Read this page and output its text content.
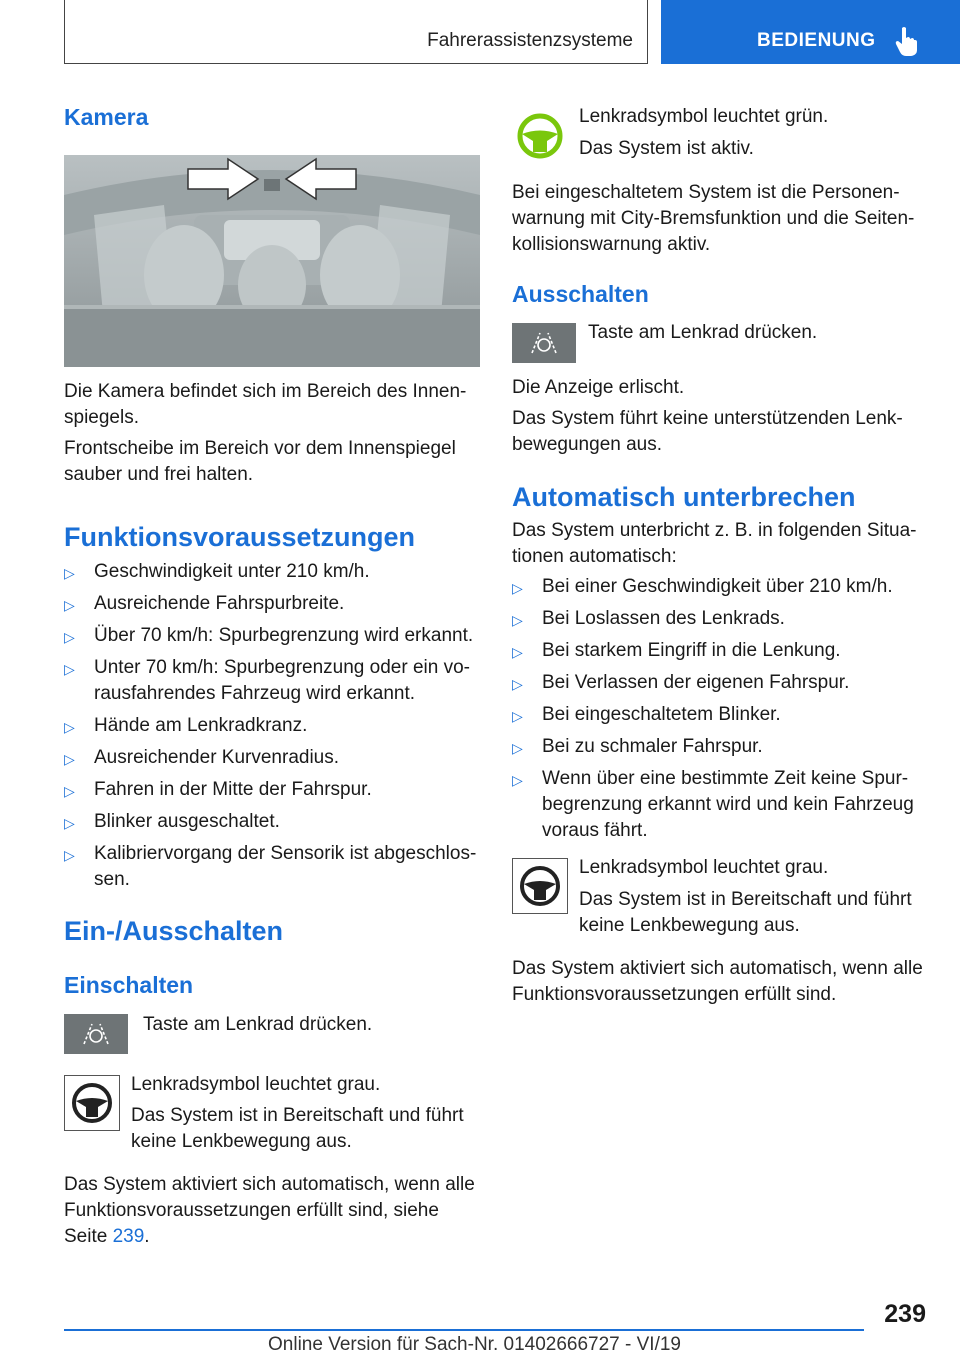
Fahrerassistenzsysteme	BEDIENUNG
Kamera
Die Kamera befindet sich im Bereich des Innen-
spiegels.
Frontscheibe im Bereich vor dem Innenspiegel
sauber und frei halten.
Funktionsvoraussetzungen
▷ Geschwindigkeit unter 210 km/h.
▷ Ausreichende Fahrspurbreite.
▷ Über 70 km/h: Spurbegrenzung wird erkannt.
▷ Unter 70 km/h: Spurbegrenzung oder ein vo-
rausfahrendes Fahrzeug wird erkannt.
▷ Hände am Lenkradkranz.
▷ Ausreichender Kurvenradius.
▷ Fahren in der Mitte der Fahrspur.
▷ Blinker ausgeschaltet.
▷ Kalibriervorgang der Sensorik ist abgeschlos-
sen.
Ein-/Ausschalten
Einschalten
Taste am Lenkrad drücken.
Lenkradsymbol leuchtet grau.
Das System ist in Bereitschaft und führt
keine Lenkbewegung aus.
Das System aktiviert sich automatisch, wenn alle
Funktionsvoraussetzungen erfüllt sind, siehe
Seite 239.
Lenkradsymbol leuchtet grün.
Das System ist aktiv.
Bei eingeschaltetem System ist die Personen-
warnung mit City-Bremsfunktion und die Seiten-
kollisionswarnung aktiv.
Ausschalten
Taste am Lenkrad drücken.
Die Anzeige erlischt.
Das System führt keine unterstützenden Lenk-
bewegungen aus.
Automatisch unterbrechen
Das System unterbricht z. B. in folgenden Situa-
tionen automatisch:
▷ Bei einer Geschwindigkeit über 210 km/h.
▷ Bei Loslassen des Lenkrads.
▷ Bei starkem Eingriff in die Lenkung.
▷ Bei Verlassen der eigenen Fahrspur.
▷ Bei eingeschaltetem Blinker.
▷ Bei zu schmaler Fahrspur.
▷ Wenn über eine bestimmte Zeit keine Spur-
begrenzung erkannt wird und kein Fahrzeug
voraus fährt.
Lenkradsymbol leuchtet grau.
Das System ist in Bereitschaft und führt
keine Lenkbewegung aus.
Das System aktiviert sich automatisch, wenn alle
Funktionsvoraussetzungen erfüllt sind.
239
Online Version für Sach-Nr. 01402666727 - VI/19
